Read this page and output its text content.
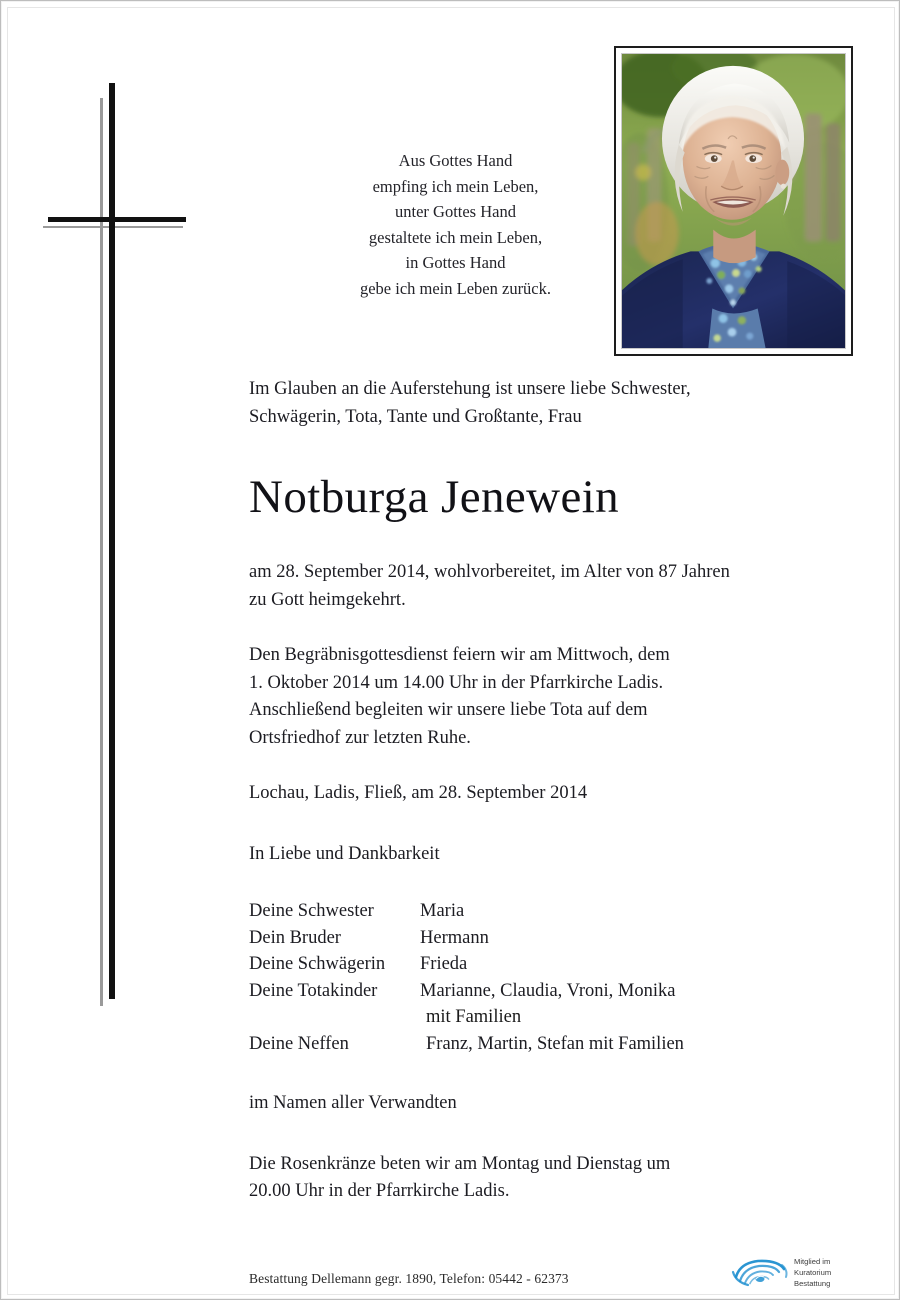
Aus Gottes Hand
empfing ich mein Leben,
unter Gottes Hand
gestaltete ich mein Leben,
in Gottes Hand
gebe ich mein Leben zurück.
Im Glauben an die Auferstehung ist unsere liebe Schwester,
Schwägerin, Tota, Tante und Großtante, Frau
Notburga Jenewein
am 28. September 2014, wohlvorbereitet, im Alter von 87 Jahren
zu Gott heimgekehrt.
Den Begräbnisgottesdienst feiern wir am Mittwoch, dem
1. Oktober 2014 um 14.00 Uhr in der Pfarrkirche Ladis.
Anschließend begleiten wir unsere liebe Tota auf dem
Ortsfriedhof zur letzten Ruhe.
Lochau, Ladis, Fließ, am 28. September 2014
In Liebe und Dankbarkeit
Deine Schwester	Maria
Dein Bruder	Hermann
Deine Schwägerin	Frieda
Deine Totakinder	Marianne, Claudia, Vroni, Monika
mit Familien
Deine Neffen	Franz, Martin, Stefan mit Familien
im Namen aller Verwandten
Die Rosenkränze beten wir am Montag und Dienstag um
20.00 Uhr in der Pfarrkirche Ladis.
Bestattung Dellemann gegr. 1890, Telefon: 05442 - 62373
Mitglied im
Kuratorium Bestattung
